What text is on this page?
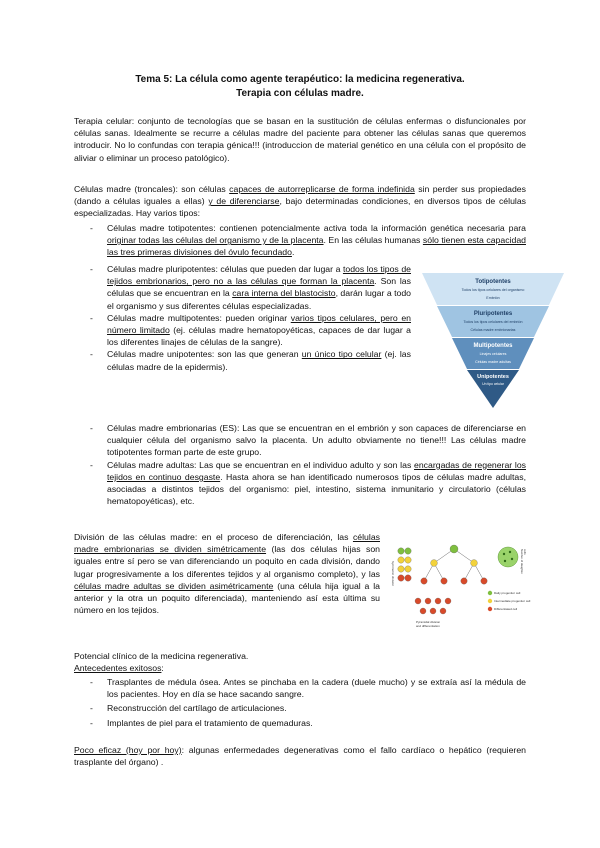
Tema 5: La célula como agente terapéutico: la medicina regenerativa.
Terapia con células madre.

Terapia celular: conjunto de tecnologías que se basan en la sustitución de células enfermas o disfuncionales por células sanas. Idealmente se recurre a células madre del paciente para obtener las células sanas que queremos introducir. No lo confundas con terapia génica!!! (introduccion de material genético en una célula con el propósito de aliviar o eliminar un proceso patológico).

Células madre (troncales): son células capaces de autorreplicarse de forma indefinida sin perder sus propiedades (dando a células iguales a ellas) y de diferenciarse, bajo determinadas condiciones, en diversos tipos de células especializadas. Hay varios tipos:

- Células madre totipotentes: contienen potencialmente activa toda la información genética necesaria para originar todas las células del organismo y de la placenta. En las células humanas sólo tienen esta capacidad las tres primeras divisiones del óvulo fecundado.
- Células madre pluripotentes: células que pueden dar lugar a todos los tipos de tejidos embrionarios, pero no a las células que forman la placenta. Son las células que se encuentran en la cara interna del blastocisto, darán lugar a todo el organismo y sus diferentes células especializadas.
- Células madre multipotentes: pueden originar varios tipos celulares, pero en número limitado (ej. células madre hematopoyéticas, capaces de dar lugar a los diferentes linajes de células de la sangre).
- Células madre unipotentes: son las que generan un único tipo celular (ej. las células madre de la epidermis).
Totipotentes
Todos los tipos celulares del organismo
Embrión
Pluripotentes
Todos los tipos celulares del embrión
Células madre embrionarias
Multipotentes
Linajes celulares
Células madre adultas
Unipotentes
Un tipo celular
- Células madre embrionarias (ES): Las que se encuentran en el embrión y son capaces de diferenciarse en cualquier célula del organismo salvo la placenta. Un adulto obviamente no tiene!!! Las células madre totipotentes forman parte de este grupo.
- Células madre adultas: Las que se encuentran en el individuo adulto y son las encargadas de regenerar los tejidos en continuo desgaste. Hasta ahora se han identificado numerosos tipos de células madre adultas, asociadas a distintos tejidos del organismo: piel, intestino, sistema inmunitario y circulatorio (células hematopoyéticas), etc.

División de las células madre: en el proceso de diferenciación, las células madre embrionarias se dividen simétricamente (las dos células hijas son iguales entre sí pero se van diferenciando un poquito en cada división, dando lugar progresivamente a los diferentes tejidos y al organismo completo), y las células madre adultas se dividen asimétricamente (una célula hija igual a la anterior y la otra un poquito diferenciada), manteniendo así esta última su número en los tejidos.

Symmetric division
Pyramidal division
and differentiation
Number of daughter cells
Daily progenitor cell
Intermediate progenitor cell
Differentiated cell

Potencial clínico de la medicina regenerativa.

Antecedentes exitosos:

- Trasplantes de médula ósea. Antes se pinchaba en la cadera (duele mucho) y se extraía así la médula de los pacientes. Hoy en día se hace sacando sangre.
- Reconstrucción del cartílago de articulaciones.
- Implantes de piel para el tratamiento de quemaduras.

Poco eficaz (hoy por hoy): algunas enfermedades degenerativas como el fallo cardíaco o hepático (requieren trasplante del órgano) .
